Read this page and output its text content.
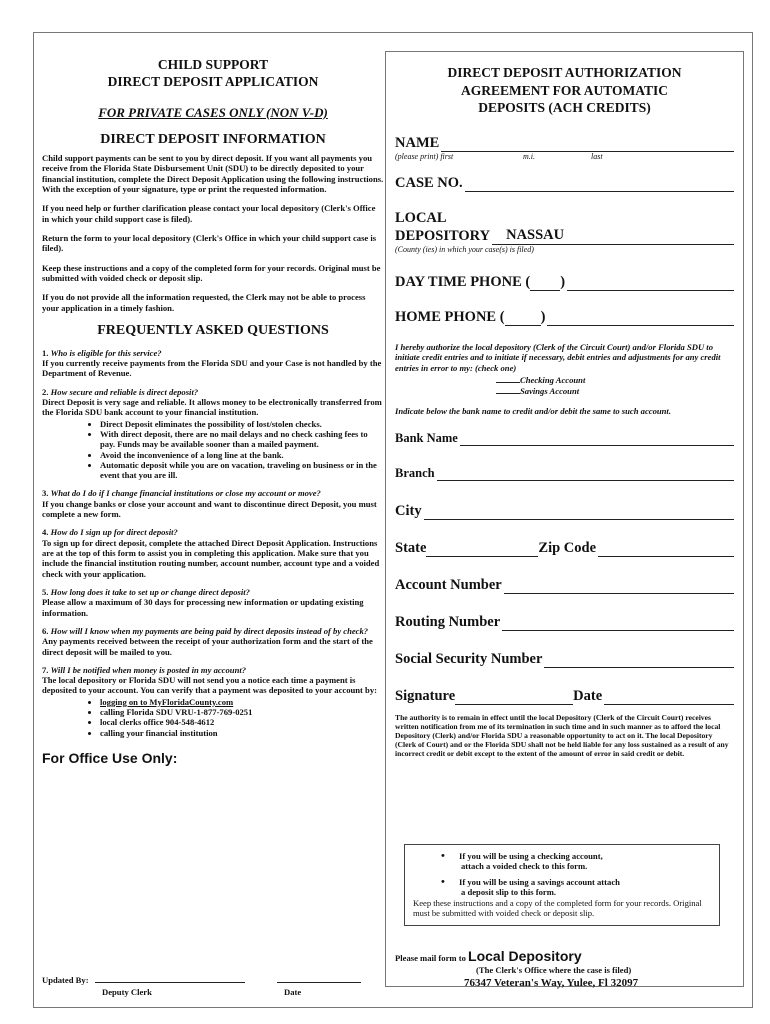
CHILD SUPPORT
DIRECT DEPOSIT APPLICATION
FOR PRIVATE CASES ONLY (NON V-D)
DIRECT DEPOSIT INFORMATION
Child support payments can be sent to you by direct deposit. If you want all payments you receive from the Florida State Disbursement Unit (SDU) to be directly deposited to your financial institution, complete the Direct Deposit Application using the following instructions. With the exception of your signature, type or print the requested information.
If you need help or further clarification please contact your local depository (Clerk's Office in which your child support case is filed).
Return the form to your local depository (Clerk's Office in which your child support case is filed).
Keep these instructions and a copy of the completed form for your records. Original must be submitted with voided check or deposit slip.
If you do not provide all the information requested, the Clerk may not be able to process your application in a timely fashion.
FREQUENTLY ASKED QUESTIONS
1. Who is eligible for this service?
If you currently receive payments from the Florida SDU and your Case is not handled by the Department of Revenue.
2. How secure and reliable is direct deposit?
Direct Deposit is very sage and reliable. It allows money to be electronically transferred from the Florida SDU bank account to your financial institution.
• Direct Deposit eliminates the possibility of lost/stolen checks.
• With direct deposit, there are no mail delays and no check cashing fees to pay. Funds may be available sooner than a mailed payment.
• Avoid the inconvenience of a long line at the bank.
• Automatic deposit while you are on vacation, traveling on business or in the event that you are ill.
3. What do I do if I change financial institutions or close my account or move?
If you change banks or close your account and want to discontinue direct Deposit, you must complete a new form.
4. How do I sign up for direct deposit?
To sign up for direct deposit, complete the attached Direct Deposit Application. Instructions are at the top of this form to assist you in completing this application. Make sure that you include the financial institution routing number, account number, account type and a voided check with your application.
5. How long does it take to set up or change direct deposit?
Please allow a maximum of 30 days for processing new information or updating existing information.
6. How will I know when my payments are being paid by direct deposits instead of by check?
Any payments received between the receipt of your authorization form and the start of the direct deposit will be mailed to you.
7. Will I be notified when money is posted in my account?
The local depository or Florida SDU will not send you a notice each time a payment is deposited to your account. You can verify that a payment was deposited to your account by:
• logging on to MyFloridaCounty.com
• calling Florida SDU VRU-1-877-769-0251
• local clerks office 904-548-4612
• calling your financial institution
For Office Use Only:
Updated By:
Deputy Clerk	Date
DIRECT DEPOSIT AUTHORIZATION
AGREEMENT FOR AUTOMATIC
DEPOSITS (ACH CREDITS)
NAME
(please print) first	m.i.	last
CASE NO.
LOCAL
DEPOSITORY	NASSAU
(County (ies) in which your case(s) is filed)
DAY TIME PHONE ( )
HOME PHONE ( )
I hereby authorize the local depository (Clerk of the Circuit Court) and/or Florida SDU to initiate credit entries and to initiate if necessary, debit entries and adjustments for any credit entries in error to my: (check one)
Checking Account
Savings Account
Indicate below the bank name to credit and/or debit the same to such account.
Bank Name
Branch
City
State	Zip Code
Account Number
Routing Number
Social Security Number
Signature	Date
The authority is to remain in effect until the local Depository (Clerk of the Circuit Court) receives written notification from me of its termination in such time and in such manner as to afford the local Depository (Clerk) and/or Florida SDU a reasonable opportunity to act on it. The local Depository (Clerk of Court) and or the Florida SDU shall not be held liable for any loss sustained as a result of any incorrect credit or debit except to the extent of the amount of error in said credit or debit.
• If you will be using a checking account,
attach a voided check to this form.
• If you will be using a savings account attach
a deposit slip to this form.
Keep these instructions and a copy of the completed form for your records. Original must be submitted with voided check or deposit slip.
Please mail form to Local Depository
(The Clerk's Office where the case is filed)
76347 Veteran's Way, Yulee, Fl 32097
